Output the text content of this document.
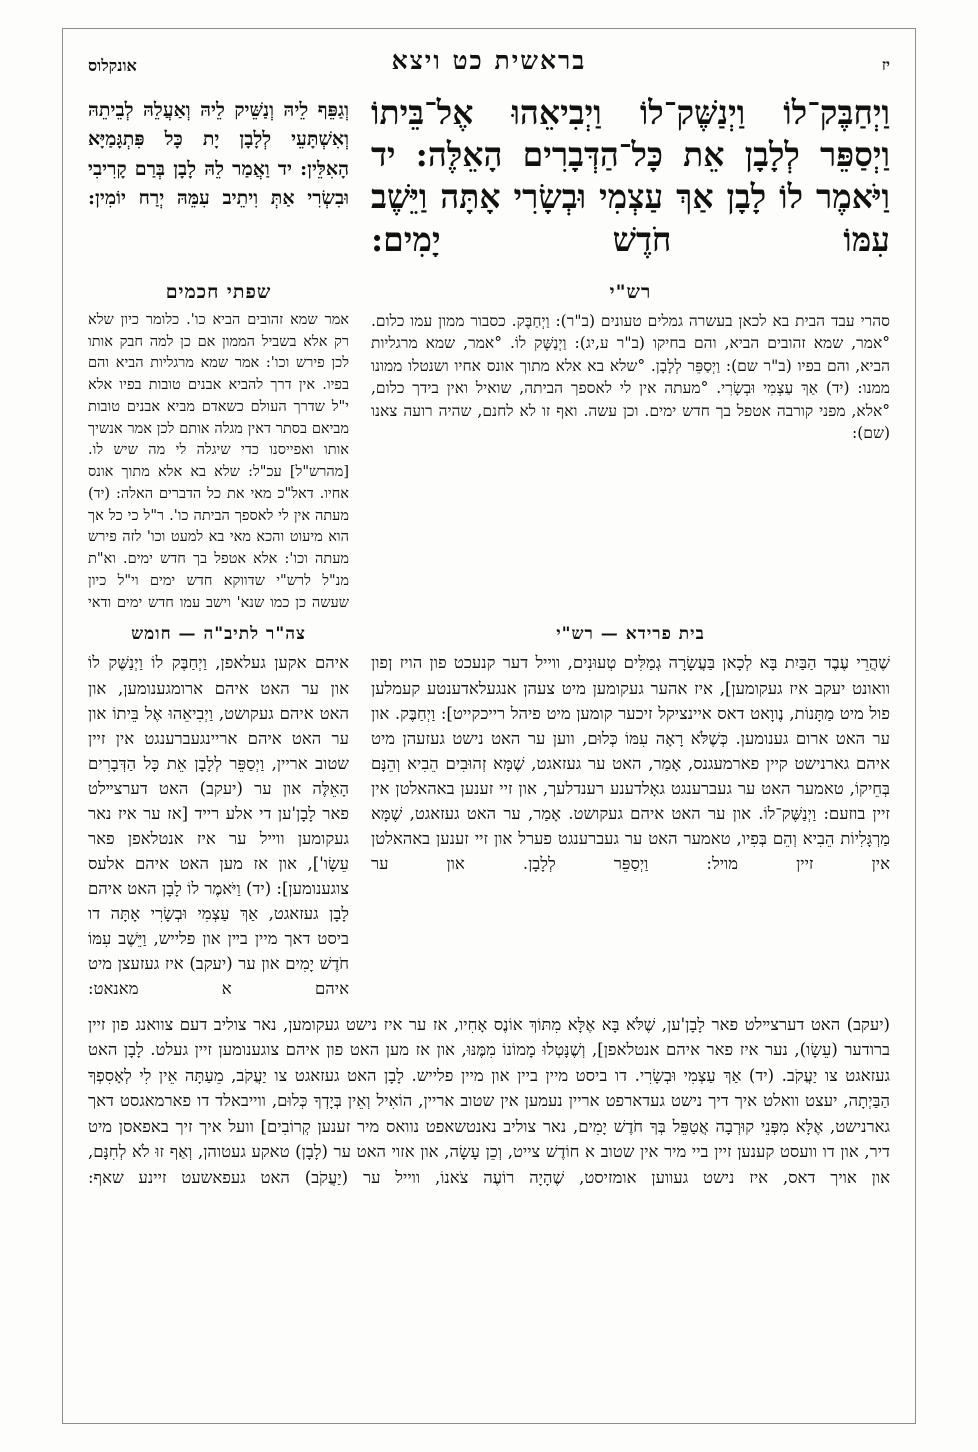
יז
בראשית כט ויצא
אונקלוס
וַיְחַבֶּק־לוֹ וַיְנַשֶּׁק־לוֹ וַיְבִיאֵהוּ אֶל־בֵּיתוֹ וַיְסַפֵּר לְלָבָן אֵת כָּל־הַדְּבָרִים הָאֵלֶּה: יד וַיֹּאמֶר לוֹ לָבָן אַךְ עַצְמִי וּבְשָׂרִי אָתָּה וַיֵּשֶׁב עִמּוֹ חֹדֶשׁ יָמִים:
וְגַפֵּף לֵיהּ וְנַשֵּׁיק לֵיהּ וְאַעֲלֵהּ לְבֵיתֵהּ וְאִשְׁתָּעֵי לְלָבָן יָת כָּל פִּתְגָּמַיָּא הָאִלֵּין: יד וַאֲמַר לֵהּ לָבָן בְּרַם קָרִיבִי וּבִשְׂרִי אַתְּ וִיתֵיב עִמֵּהּ יְרַח יוֹמִין:
רש"י
סהרי עבד הבית בא לכאן בעשרה גמלים טעונים (ב"ר): וַיְחַבֶּק. כסבור ממון עמו כלום. °אמר, שמא זהובים הביא, והם בחיקו (ב"ר ע,יג): וַיְנַשֶּׁק לוֹ. °אמר, שמא מרגליות הביא, והם בפיו (ב"ר שם): וַיְסַפֵּר לְלָבָן. °שלא בא אלא מתוך אונס אחיו ושנטלו ממונו ממנו: (יד) אַךְ עַצְמִי וּבְשָׂרִי. °מעתה אין לי לאספך הביתה, שואיל ואין בידך כלום, °אלא, מפני קורבה אטפל בך חדש ימים. וכן עשה. ואף זו לא לחנם, שהיה רועה צאנו (שם):
שפתי חכמים
אמר שמא זהובים הביא כו'. כלומר כיון שלא רק אלא בשביל הממון אם כן למה חבק אותו לכן פירש וכו': אמר שמא מרגליות הביא והם בפיו. אין דרך להביא אבנים טובות בפיו אלא י"ל שדרך העולם כשאדם מביא אבנים טובות מביאם בסתר דאין מגלה אותם לכן אמר אנשיך אותו ואפייסנו כדי שיגלה לי מה שיש לו. [מהרש"ל] עכ"ל: שלא בא אלא מתוך אונס אחיו. דאל"כ מאי את כל הדברים האלה: (יד) מעתה אין לי לאספך הביתה כו'. ר"ל כי כל אך הוא מיעוט והכא מאי בא למעט וכו' לזה פירש מעתה וכו': אלא אטפל בך חדש ימים. וא"ת מנ"ל לרש"י שדווקא חדש ימים וי"ל כיון שעשה כן כמו שנא' וישב עמו חדש ימים ודאי
בית פרידא — רש"י
שֶׁהֲרֵי עֶבֶד הַבַּיִת בָּא לְכָאן בַּעֲשָׂרָה גְמַלִּים טְעוּנִים, ווייל דער קנעכט פון הויז ןפון וואונט יעקב איז געקומען], איז אהער געקומען מיט צעהן אנגעלאדענטע קעמלען פול מיט מַתָּנוֹת, נֶווָאט דאס איינציקל זיכער קומען מיט פיהל רייכקייט]: וַיְחַבֶּק. און ער האט ארום גענומען. כְּשֶׁלֹּא רָאָה עִמּוֹ כְּלוּם, ווען ער האט נישט געזעהן מיט איהם גארנישט קיין פארמעגנס, אָמַר, האט ער געזאגט, שֶׁמָּא זְהוּבִים הֵבִיא וְהֵנָּם בְּחֵיקוֹ, טאמער האט ער געברענגט גאָלדענע רענדלעך, און זיי זענען באהאלטן אין זיין בוזעם: וַיְנַשֶּׁק־לוֹ. און ער האט איהם געקושט. אָמַר, ער האט געזאגט, שֶׁמָּא מַרְגָּלִיוֹת הֵבִיא וְהֵם בְּפִיו, טאמער האט ער געברענגט פערל און זיי זענען באהאלטן אין זיין מויל: וַיְסַפֵּר לְלָבָן. און ער
צה"ר לתיב"ה — חומש
איהם אקען געלאפן, וַיְחַבֶּק לוֹ וַיְנַשֶּׁק לוֹ און ער האט איהם ארומגענומען, און האט איהם געקושט, וַיְבִיאֵהוּ אֶל בֵּיתוֹ און ער האט איהם אריינגעברענגט אין זיין שטוב אריין, וַיְסַפֵּר לְלָבָן אֵת כָּל הַדְּבָרִים הָאֵלֶּה און ער (יעקב) האט דערצײלט פאר לָבָן'ען די אלע רייד [אז ער איז נאר געקומען ווייל ער איז אנטלאפן פאר עֵשָׂו'], און אז מען האט איהם אלעס צוגענומען]: (יד) וַיֹּאמֶר לוֹ לָבָן האט איהם לָבָן געזאגט, אַךְ עַצְמִי וּבְשָׂרִי אָתָּה דו ביסט דאך מיין בײן און פלייש, וַיֵּשֶׁב עִמּוֹ חֹדֶשׁ יָמִים און ער (יעקב) איז געזעצן מיט איהם א מאנאט:
(יעקב) האט דערצײלט פאר לָבָן'ען, שֶׁלֹּא בָּא אֶלָּא מִתּוֹךְ אוֹנֶס אָחִיו, אז ער איז נישט געקומען, נאר צוליב דעם צוואנג פון זיין ברודער (עֵשָׂו), נער איז פאר איהם אנטלאפן], וְשֶׁנָּטְלוּ מָמוֹנוֹ מִמֶּנּוּ, און אז מען האט פון איהם צוגענומען זיין געלט. לָבָן האט געזאגט צו יַעֲקֹב. (יד) אַךְ עַצְמִי וּבְשָׂרִי. דו ביסט מיין ביין און מיין פלייש. לָבָן האט געזאגט צו יַעֲקֹב, מֵעַתָּה אֵין לִי לְאָסִפְךָ הַבַּיְתָה, יעצט וואלט איך דיך נישט געדארפט אריין נעמען אין שטוב אריין, הוֹאִיל וְאֵין בְּיָדְךָ כְּלוּם, ווייבאלד דו פארמאגסט דאך גארנישט, אֶלָּא מִפְּנֵי קוּרְבָה אֲטַפֵּל בְּךָ חֹדֶשׁ יָמִים, נאר צוליב נאנטשאפט נוואס מיר זענען קְרוֹבִים] וועל איך זיך באפאסן מיט דיר, און דו וועסט קענען זיין ביי מיר אין שטוב א חוֹדֶשׁ צייט, וְכֵן עָשָׂה, און אזוי האט ער (לָבָן) טאקע געטוהן, וְאַף זוּ לֹא לְחִנָּם, און אויך דאס, איז נישט געווען אומזיסט, שֶׁהָיָה רוֹעֶה צֹאנוֹ, ווייל ער (יַעֲקֹב) האט געפאשעט זיינע שאף:
